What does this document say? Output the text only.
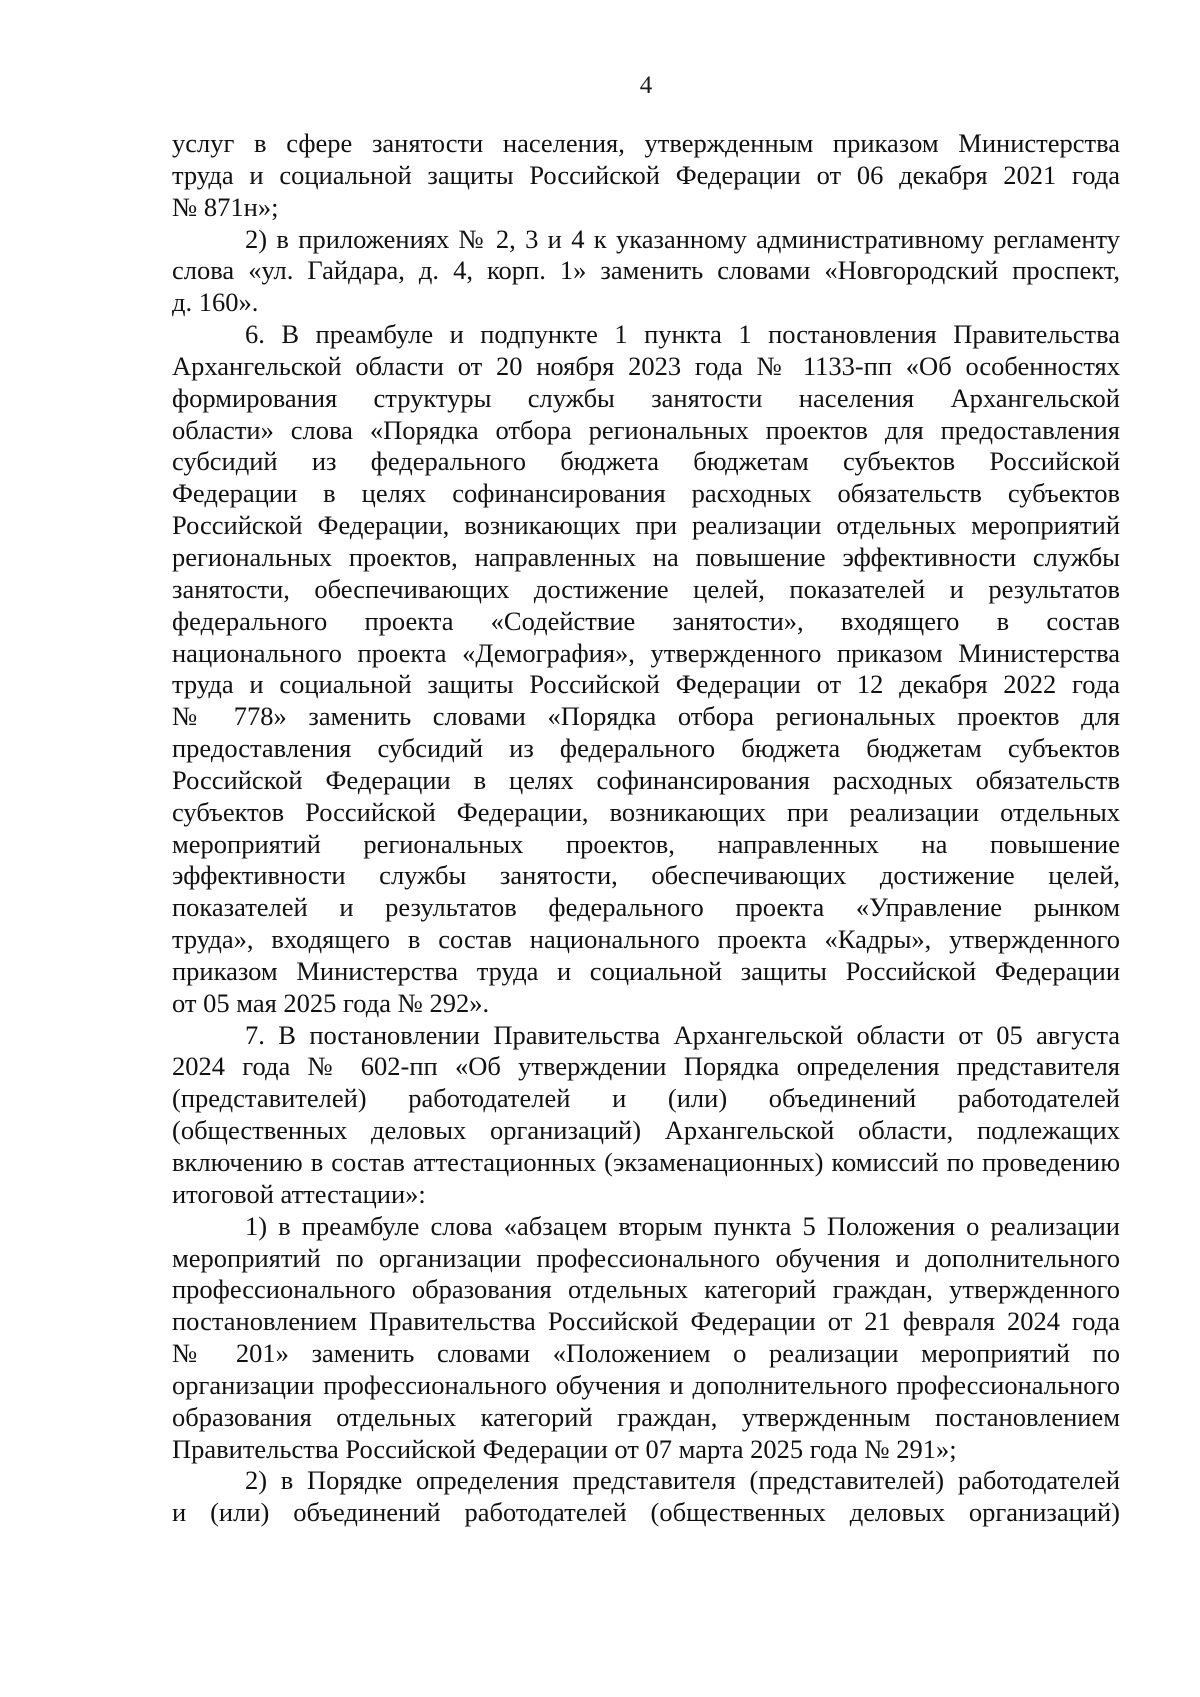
4
услуг в сфере занятости населения, утвержденным приказом Министерства
труда и социальной защиты Российской Федерации от 06 декабря 2021 года
№ 871н»;
2) в приложениях № 2, 3 и 4 к указанному административному регламенту
слова «ул. Гайдара, д. 4, корп. 1» заменить словами «Новгородский проспект,
д. 160».
6. В преамбуле и подпункте 1 пункта 1 постановления Правительства
Архангельской области от 20 ноября 2023 года № 1133-пп «Об особенностях
формирования структуры службы занятости населения Архангельской
области» слова «Порядка отбора региональных проектов для предоставления
субсидий из федерального бюджета бюджетам субъектов Российской
Федерации в целях софинансирования расходных обязательств субъектов
Российской Федерации, возникающих при реализации отдельных мероприятий
региональных проектов, направленных на повышение эффективности службы
занятости, обеспечивающих достижение целей, показателей и результатов
федерального проекта «Содействие занятости», входящего в состав
национального проекта «Демография», утвержденного приказом Министерства
труда и социальной защиты Российской Федерации от 12 декабря 2022 года
№ 778» заменить словами «Порядка отбора региональных проектов для
предоставления субсидий из федерального бюджета бюджетам субъектов
Российской Федерации в целях софинансирования расходных обязательств
субъектов Российской Федерации, возникающих при реализации отдельных
мероприятий региональных проектов, направленных на повышение
эффективности службы занятости, обеспечивающих достижение целей,
показателей и результатов федерального проекта «Управление рынком
труда», входящего в состав национального проекта «Кадры», утвержденного
приказом Министерства труда и социальной защиты Российской Федерации
от 05 мая 2025 года № 292».
7. В постановлении Правительства Архангельской области от 05 августа
2024 года № 602-пп «Об утверждении Порядка определения представителя
(представителей) работодателей и (или) объединений работодателей
(общественных деловых организаций) Архангельской области, подлежащих
включению в состав аттестационных (экзаменационных) комиссий по проведению
итоговой аттестации»:
1) в преамбуле слова «абзацем вторым пункта 5 Положения о реализации
мероприятий по организации профессионального обучения и дополнительного
профессионального образования отдельных категорий граждан, утвержденного
постановлением Правительства Российской Федерации от 21 февраля 2024 года
№ 201» заменить словами «Положением о реализации мероприятий по
организации профессионального обучения и дополнительного профессионального
образования отдельных категорий граждан, утвержденным постановлением
Правительства Российской Федерации от 07 марта 2025 года № 291»;
2) в Порядке определения представителя (представителей) работодателей
и (или) объединений работодателей (общественных деловых организаций)
